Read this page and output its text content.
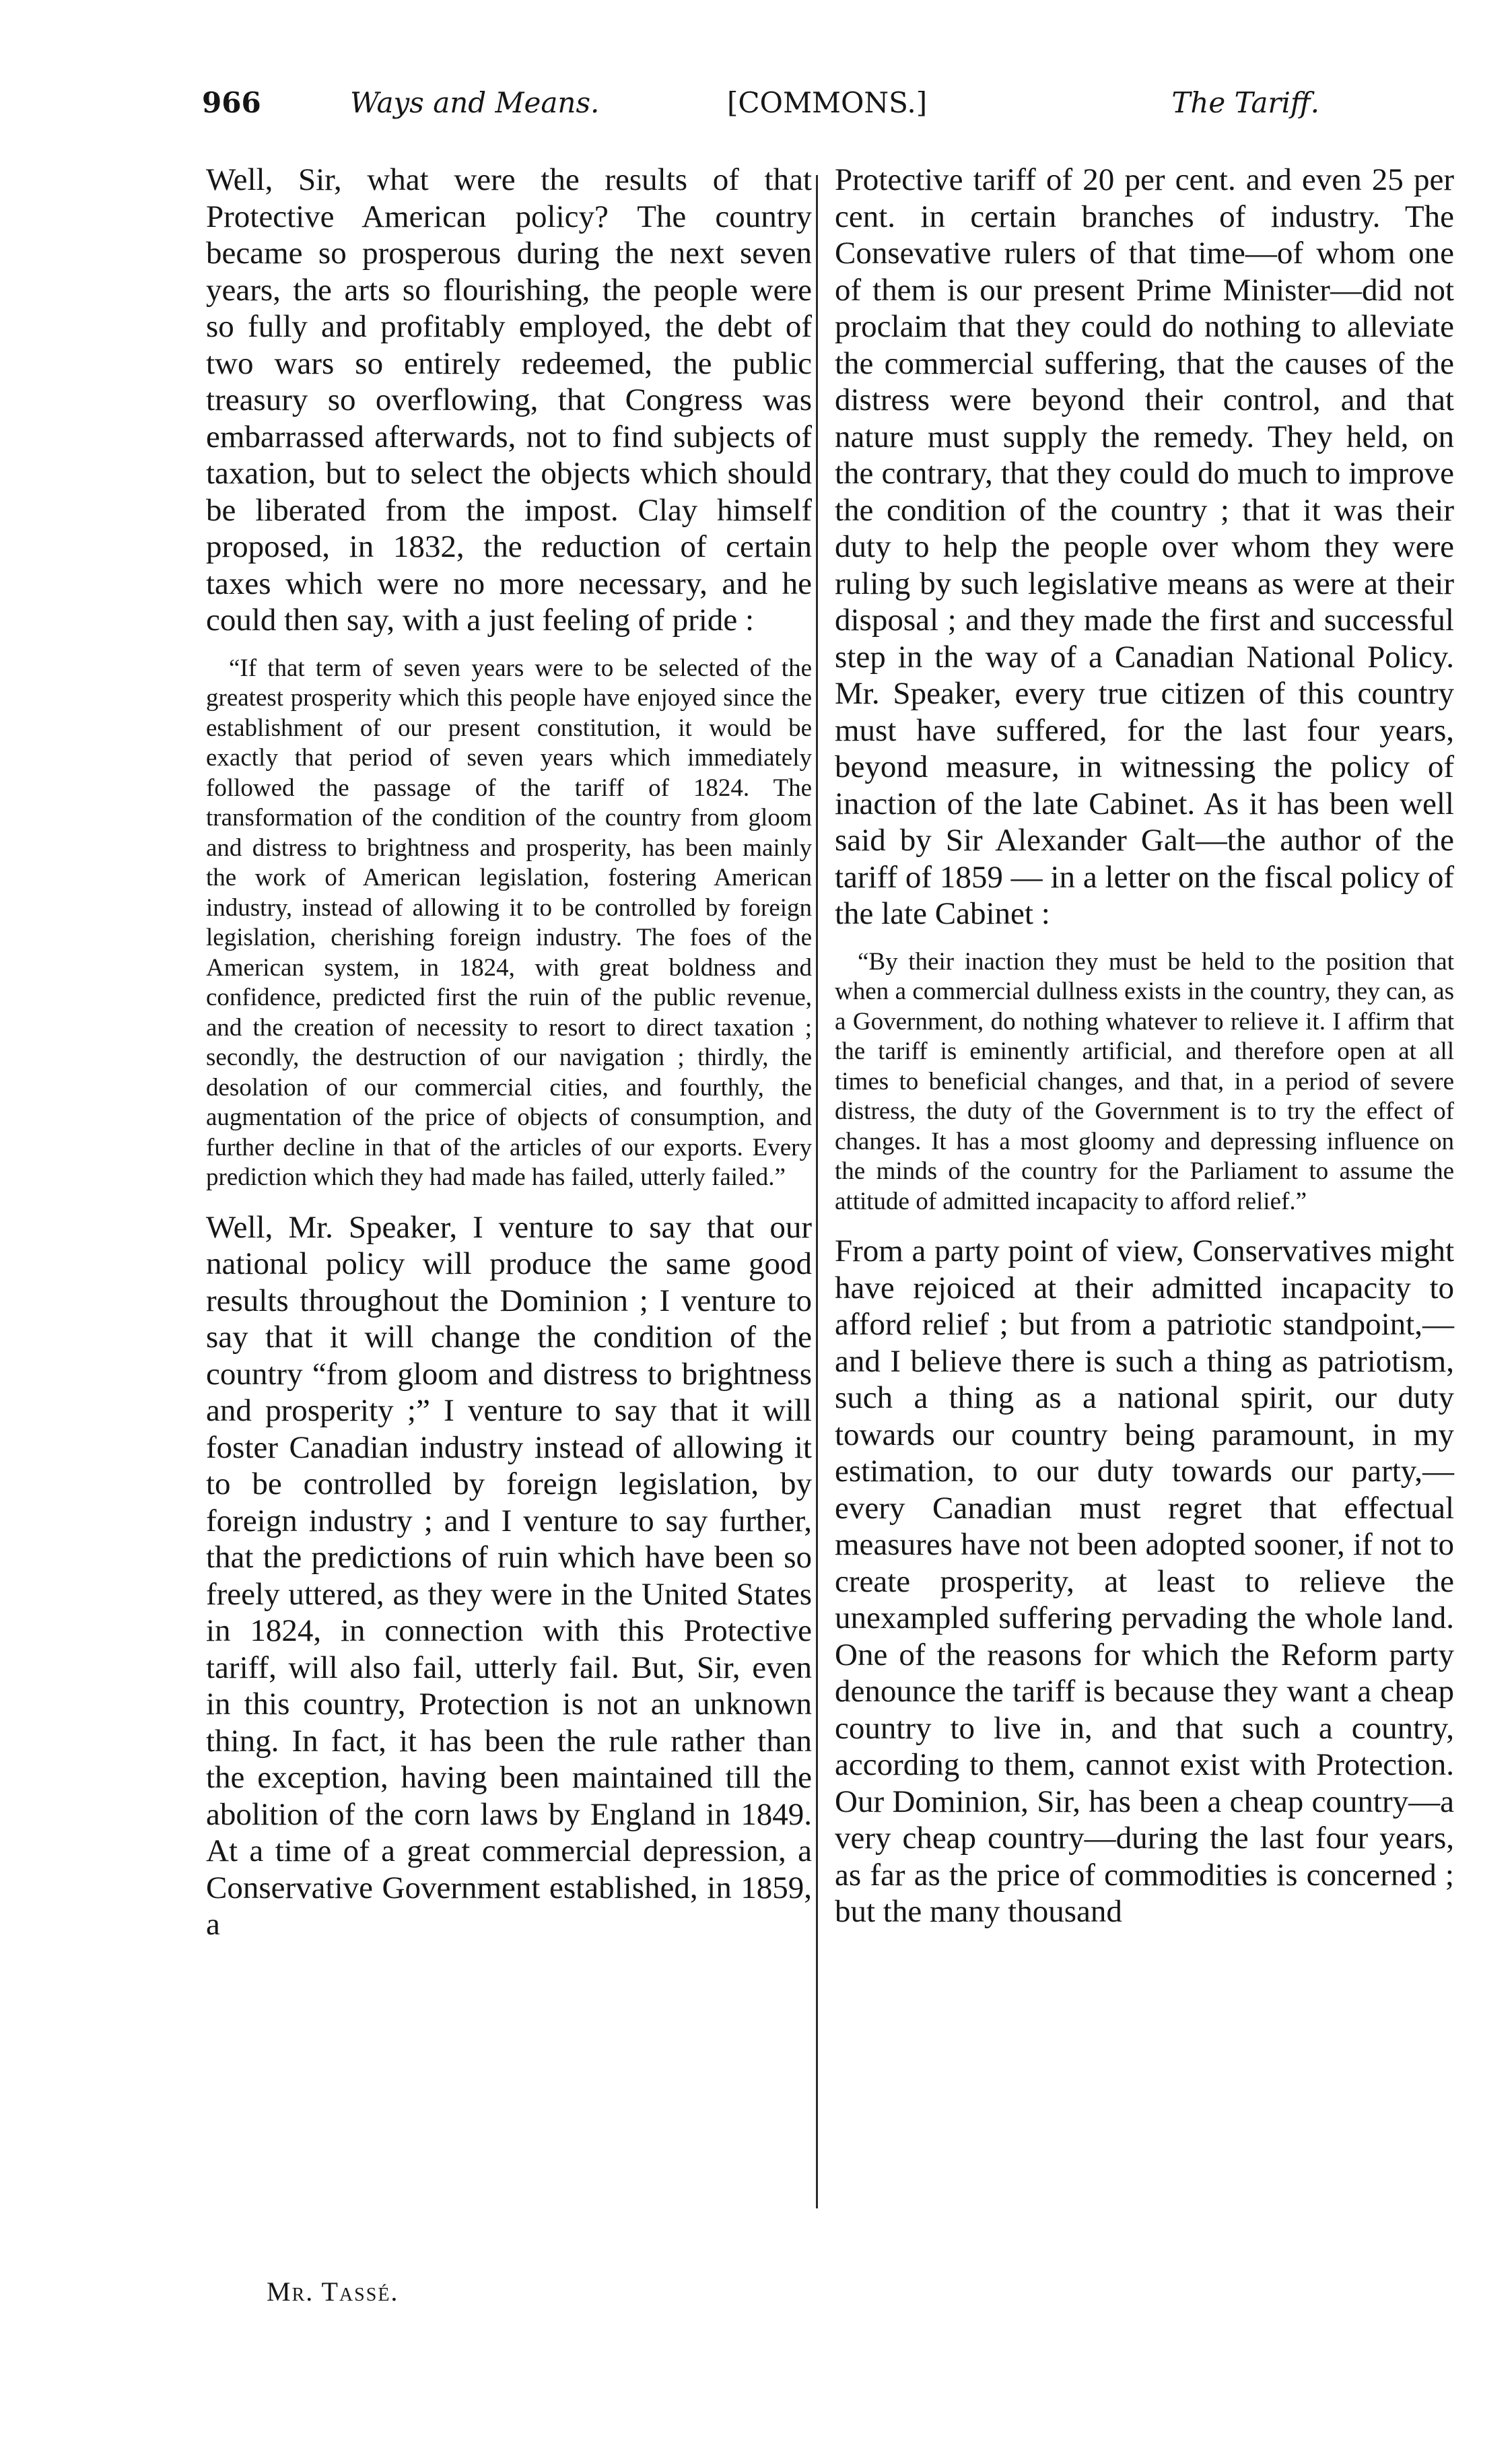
966	Ways and Means.	[COMMONS.]	The Tariff.

Well, Sir, what were the results of that Protective American policy? The country became so prosperous during the next seven years, the arts so flourishing, the people were so fully and profitably employed, the debt of two wars so entirely redeemed, the public treasury so overflowing, that Congress was embarrassed afterwards, not to find subjects of taxation, but to select the objects which should be liberated from the impost. Clay himself proposed, in 1832, the reduction of certain taxes which were no more necessary, and he could then say, with a just feeling of pride :

“If that term of seven years were to be selected of the greatest prosperity which this people have enjoyed since the establishment of our present constitution, it would be exactly that period of seven years which immediately followed the passage of the tariff of 1824. The transformation of the condition of the country from gloom and distress to brightness and prosperity, has been mainly the work of American legislation, fostering American industry, instead of allowing it to be controlled by foreign legislation, cherishing foreign industry. The foes of the American system, in 1824, with great boldness and confidence, predicted first the ruin of the public revenue, and the creation of necessity to resort to direct taxation ; secondly, the destruction of our navigation ; thirdly, the desolation of our commercial cities, and fourthly, the augmentation of the price of objects of consumption, and further decline in that of the articles of our exports. Every prediction which they had made has failed, utterly failed.”

Well, Mr. Speaker, I venture to say that our national policy will produce the same good results throughout the Dominion ; I venture to say that it will change the condition of the country “from gloom and distress to brightness and prosperity ;” I venture to say that it will foster Canadian industry instead of allowing it to be controlled by foreign legislation, by foreign industry ; and I venture to say further, that the predictions of ruin which have been so freely uttered, as they were in the United States in 1824, in connection with this Protective tariff, will also fail, utterly fail. But, Sir, even in this country, Protection is not an unknown thing. In fact, it has been the rule rather than the exception, having been maintained till the abolition of the corn laws by England in 1849. At a time of a great commercial depression, a Conservative Government established, in 1859, a

Protective tariff of 20 per cent. and even 25 per cent. in certain branches of industry. The Consevative rulers of that time—of whom one of them is our present Prime Minister—did not proclaim that they could do nothing to alleviate the commercial suffering, that the causes of the distress were beyond their control, and that nature must supply the remedy. They held, on the contrary, that they could do much to improve the condition of the country ; that it was their duty to help the people over whom they were ruling by such legislative means as were at their disposal ; and they made the first and successful step in the way of a Canadian National Policy. Mr. Speaker, every true citizen of this country must have suffered, for the last four years, beyond measure, in witnessing the policy of inaction of the late Cabinet. As it has been well said by Sir Alexander Galt—the author of the tariff of 1859 — in a letter on the fiscal policy of the late Cabinet :

“By their inaction they must be held to the position that when a commercial dullness exists in the country, they can, as a Government, do nothing whatever to relieve it. I affirm that the tariff is eminently artificial, and therefore open at all times to beneficial changes, and that, in a period of severe distress, the duty of the Government is to try the effect of changes. It has a most gloomy and depressing influence on the minds of the country for the Parliament to assume the attitude of admitted incapacity to afford relief.”

From a party point of view, Conservatives might have rejoiced at their admitted incapacity to afford relief ; but from a patriotic standpoint,—and I believe there is such a thing as patriotism, such a thing as a national spirit, our duty towards our country being paramount, in my estimation, to our duty towards our party,—every Canadian must regret that effectual measures have not been adopted sooner, if not to create prosperity, at least to relieve the unexampled suffering pervading the whole land. One of the reasons for which the Reform party denounce the tariff is because they want a cheap country to live in, and that such a country, according to them, cannot exist with Protection. Our Dominion, Sir, has been a cheap country—a very cheap country—during the last four years, as far as the price of commodities is concerned ; but the many thousand

Mr. Tassé.
